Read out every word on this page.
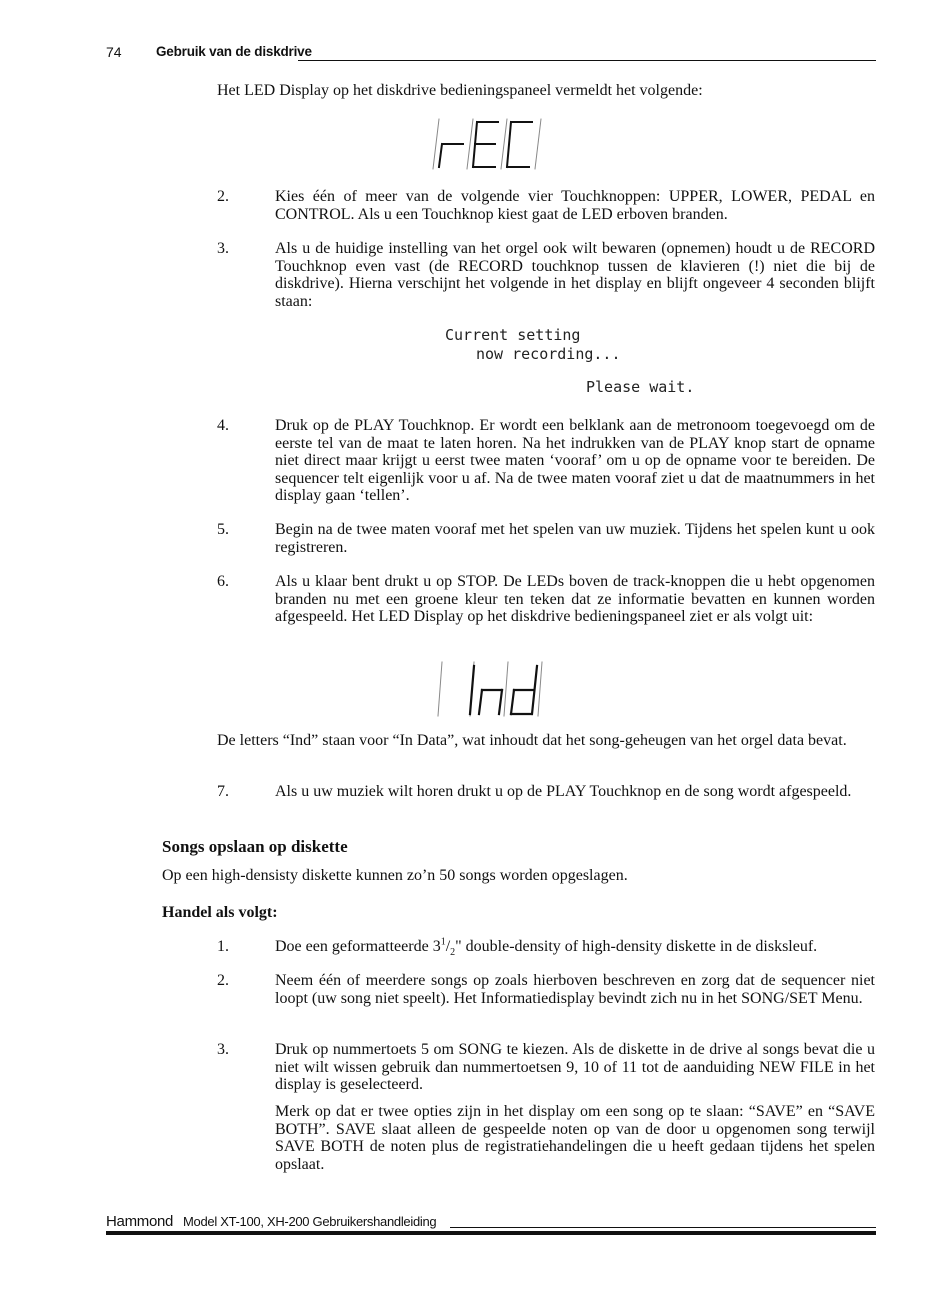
74	Gebruik van de diskdrive
Het LED Display op het diskdrive bedieningspaneel vermeldt het volgende:
2.	Kies één of meer van de volgende vier Touchknoppen: UPPER, LOWER, PEDAL en CONTROL. Als u een Touchknop kiest gaat de LED erboven branden.
3.	Als u de huidige instelling van het orgel ook wilt bewaren (opnemen) houdt u de RECORD Touchknop even vast (de RECORD touchknop tussen de klavieren (!) niet die bij de diskdrive). Hierna verschijnt het volgende in het display en blijft ongeveer 4 seconden blijft staan:
Current setting
now recording...
Please wait.
4.	Druk op de PLAY Touchknop. Er wordt een belklank aan de metronoom toegevoegd om de eerste tel van de maat te laten horen. Na het indrukken van de PLAY knop start de opname niet direct maar krijgt u eerst twee maten ‘vooraf’ om u op de opname voor te bereiden. De sequencer telt eigenlijk voor u af. Na de twee maten vooraf ziet u dat de maatnummers in het display gaan ‘tellen’.
5.	Begin na de twee maten vooraf met het spelen van uw muziek. Tijdens het spelen kunt u ook registreren.
6.	Als u klaar bent drukt u op STOP. De LEDs boven de track-knoppen die u hebt opgenomen branden nu met een groene kleur ten teken dat ze informatie bevatten en kunnen worden afgespeeld. Het LED Display op het diskdrive bedieningspaneel ziet er als volgt uit:
De letters “Ind” staan voor “In Data”, wat inhoudt dat het song-geheugen van het orgel data bevat.
7.	Als u uw muziek wilt horen drukt u op de PLAY Touchknop en de song wordt afgespeeld.
Songs opslaan op diskette
Op een high-densisty diskette kunnen zo’n 50 songs worden opgeslagen.
Handel als volgt:
1.	Doe een geformatteerde $3^1/_2$" double-density of high-density diskette in de disksleuf.
2.	Neem één of meerdere songs op zoals hierboven beschreven en zorg dat de sequencer niet loopt (uw song niet speelt). Het Informatiedisplay bevindt zich nu in het SONG/SET Menu.
3.	Druk op nummertoets 5 om SONG te kiezen. Als de diskette in de drive al songs bevat die u niet wilt wissen gebruik dan nummertoetsen 9, 10 of 11 tot de aanduiding NEW FILE in het display is geselecteerd.
Merk op dat er twee opties zijn in het display om een song op te slaan: “SAVE” en “SAVE BOTH”. SAVE slaat alleen de gespeelde noten op van de door u opgenomen song terwijl SAVE BOTH de noten plus de registratiehandelingen die u heeft gedaan tijdens het spelen opslaat.
Hammond Model XT-100, XH-200 Gebruikershandleiding
